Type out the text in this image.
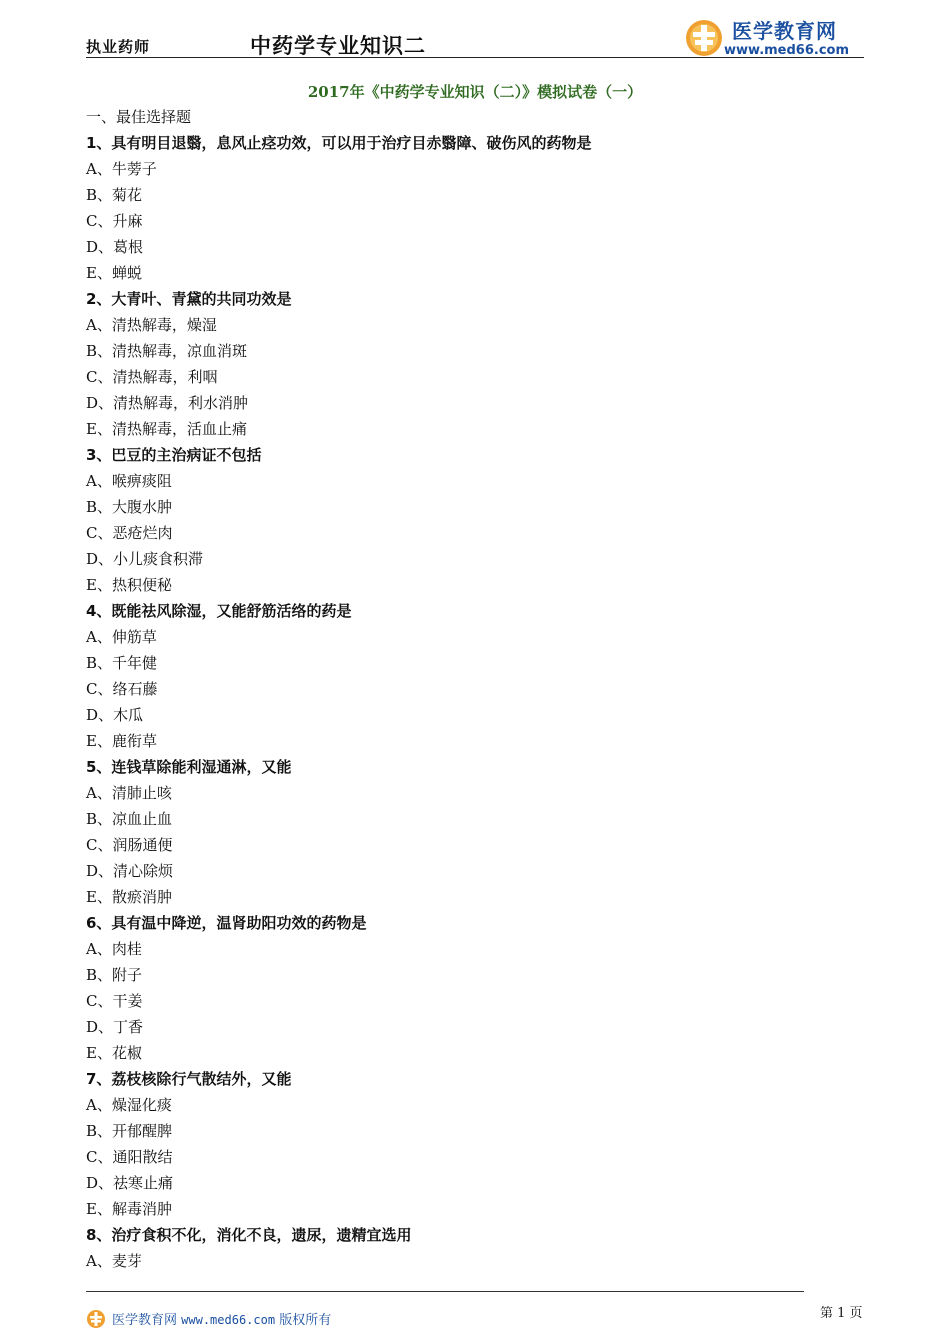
执业药师	中药学专业知识二
医学教育网
www.med66.com
2017年《中药学专业知识（二）》模拟试卷（一）
一、最佳选择题
1、具有明目退翳，息风止痉功效，可以用于治疗目赤翳障、破伤风的药物是
A、牛蒡子
B、菊花
C、升麻
D、葛根
E、蝉蜕
2、大青叶、青黛的共同功效是
A、清热解毒，燥湿
B、清热解毒，凉血消斑
C、清热解毒，利咽
D、清热解毒，利水消肿
E、清热解毒，活血止痛
3、巴豆的主治病证不包括
A、喉痹痰阻
B、大腹水肿
C、恶疮烂肉
D、小儿痰食积滞
E、热积便秘
4、既能祛风除湿，又能舒筋活络的药是
A、伸筋草
B、千年健
C、络石藤
D、木瓜
E、鹿衔草
5、连钱草除能利湿通淋，又能
A、清肺止咳
B、凉血止血
C、润肠通便
D、清心除烦
E、散瘀消肿
6、具有温中降逆，温肾助阳功效的药物是
A、肉桂
B、附子
C、干姜
D、丁香
E、花椒
7、荔枝核除行气散结外，又能
A、燥湿化痰
B、开郁醒脾
C、通阳散结
D、祛寒止痛
E、解毒消肿
8、治疗食积不化，消化不良，遗尿，遗精宜选用
A、麦芽
医学教育网 www.med66.com 版权所有	第 1 页
